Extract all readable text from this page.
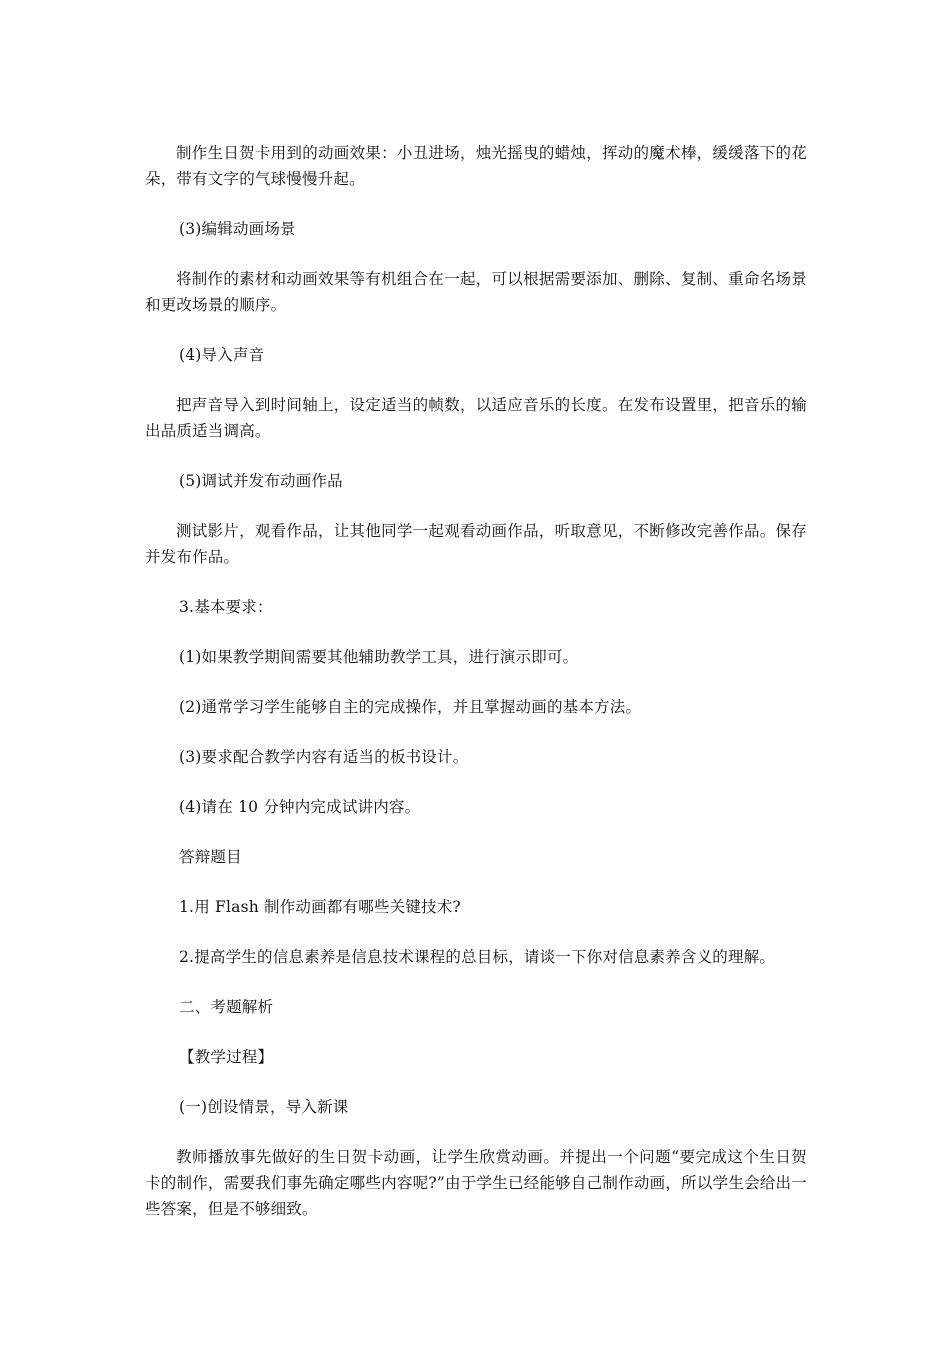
制作生日贺卡用到的动画效果：小丑进场，烛光摇曳的蜡烛，挥动的魔术棒，缓缓落下的花朵，带有文字的气球慢慢升起。

(3)编辑动画场景

将制作的素材和动画效果等有机组合在一起，可以根据需要添加、删除、复制、重命名场景和更改场景的顺序。

(4)导入声音

把声音导入到时间轴上，设定适当的帧数，以适应音乐的长度。在发布设置里，把音乐的输出品质适当调高。

(5)调试并发布动画作品

测试影片，观看作品，让其他同学一起观看动画作品，听取意见，不断修改完善作品。保存并发布作品。

3.基本要求：

(1)如果教学期间需要其他辅助教学工具，进行演示即可。

(2)通常学习学生能够自主的完成操作，并且掌握动画的基本方法。

(3)要求配合教学内容有适当的板书设计。

(4)请在 10 分钟内完成试讲内容。

答辩题目

1.用 Flash 制作动画都有哪些关键技术?

2.提高学生的信息素养是信息技术课程的总目标，请谈一下你对信息素养含义的理解。

二、考题解析

【教学过程】

(一)创设情景，导入新课

教师播放事先做好的生日贺卡动画，让学生欣赏动画。并提出一个问题“要完成这个生日贺卡的制作，需要我们事先确定哪些内容呢?”由于学生已经能够自己制作动画，所以学生会给出一些答案，但是不够细致。
